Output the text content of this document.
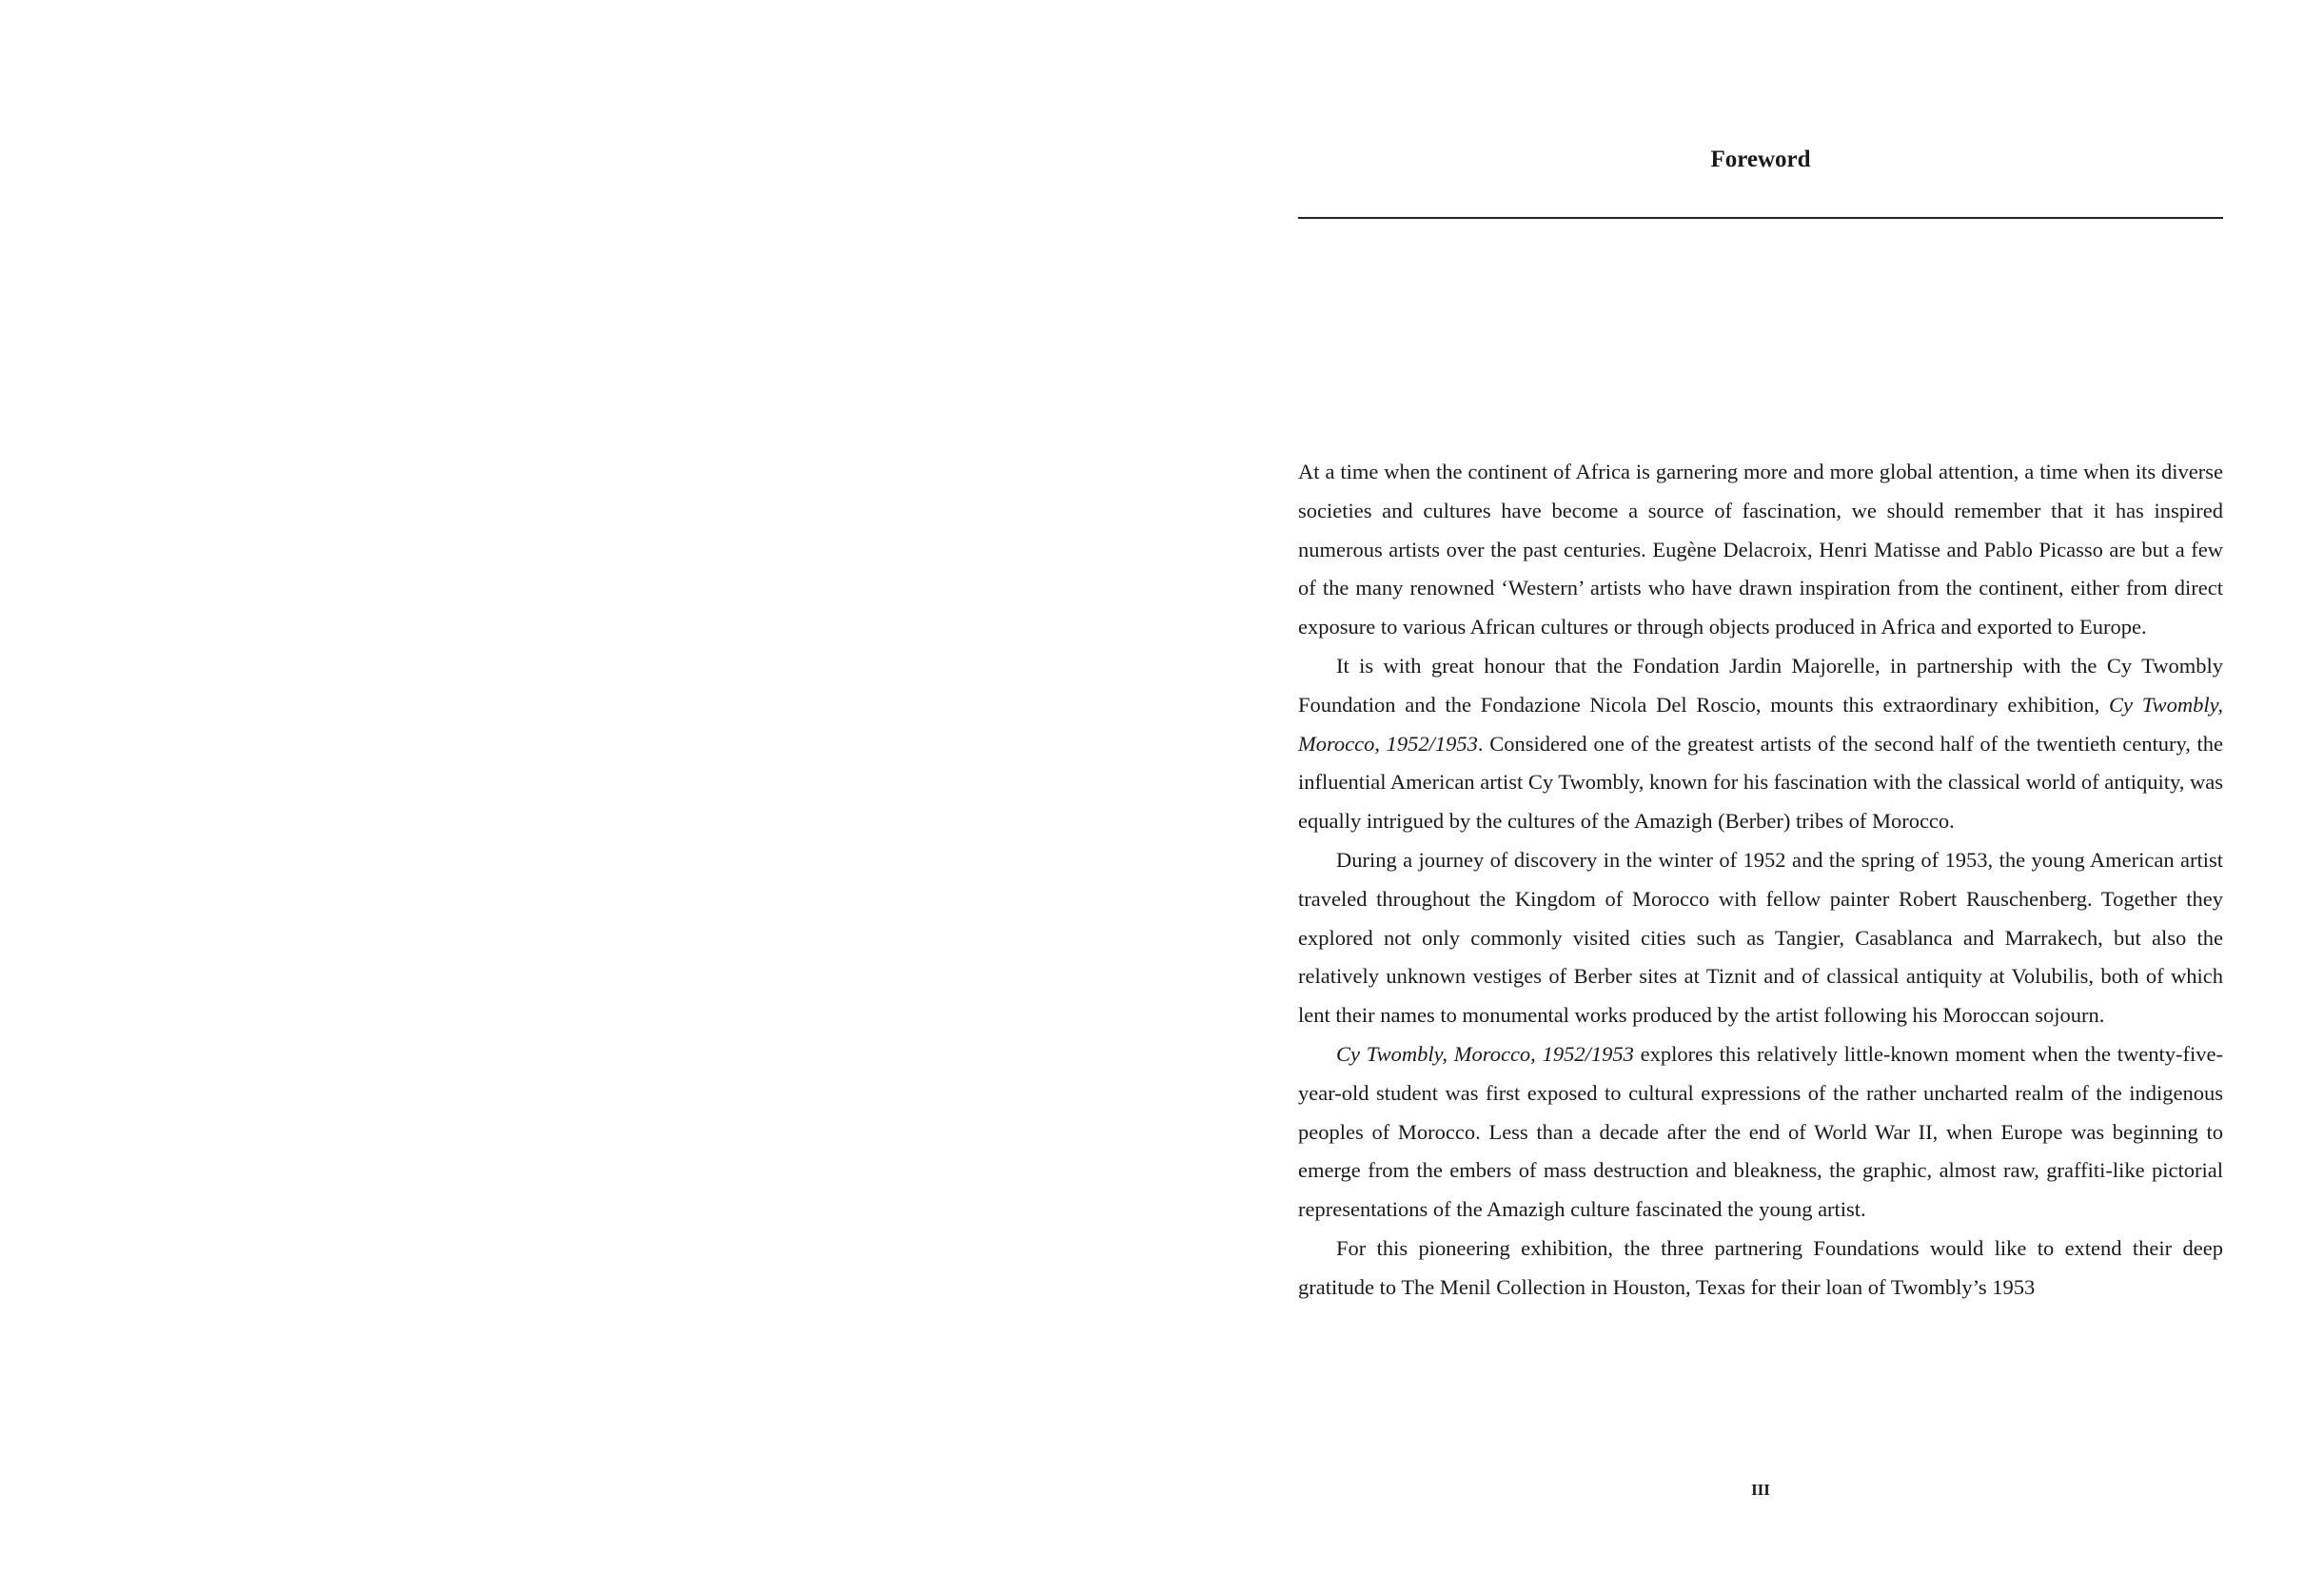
Foreword

At a time when the continent of Africa is garnering more and more global attention, a time when its diverse societies and cultures have become a source of fascination, we should remember that it has inspired numerous artists over the past centuries. Eugène Delacroix, Henri Matisse and Pablo Picasso are but a few of the many renowned ‘Western’ artists who have drawn inspiration from the continent, either from direct exposure to various African cultures or through objects produced in Africa and exported to Europe.

It is with great honour that the Fondation Jardin Majorelle, in partnership with the Cy Twombly Foundation and the Fondazione Nicola Del Roscio, mounts this extraordinary exhibition, Cy Twombly, Morocco, 1952/1953. Considered one of the greatest artists of the second half of the twentieth century, the influential American artist Cy Twombly, known for his fascination with the classical world of antiquity, was equally intrigued by the cultures of the Amazigh (Berber) tribes of Morocco.

During a journey of discovery in the winter of 1952 and the spring of 1953, the young American artist traveled throughout the Kingdom of Morocco with fellow painter Robert Rauschenberg. Together they explored not only commonly visited cities such as Tangier, Casablanca and Marrakech, but also the relatively unknown vestiges of Berber sites at Tiznit and of classical antiquity at Volubilis, both of which lent their names to monumental works produced by the artist following his Moroccan sojourn.

Cy Twombly, Morocco, 1952/1953 explores this relatively little-known moment when the twenty-five-year-old student was first exposed to cultural expressions of the rather uncharted realm of the indigenous peoples of Morocco. Less than a decade after the end of World War II, when Europe was beginning to emerge from the embers of mass destruction and bleakness, the graphic, almost raw, graffiti-like pictorial representations of the Amazigh culture fascinated the young artist.

For this pioneering exhibition, the three partnering Foundations would like to extend their deep gratitude to The Menil Collection in Houston, Texas for their loan of Twombly’s 1953

III
